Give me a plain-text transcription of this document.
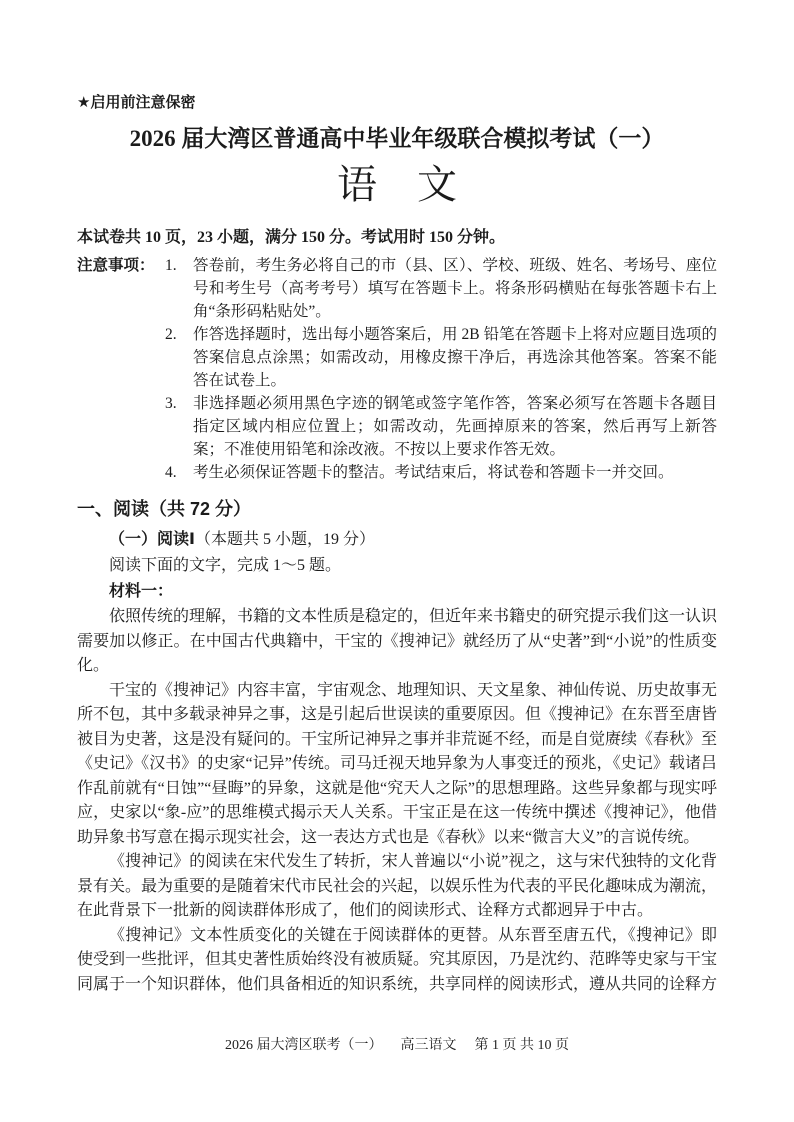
★启用前注意保密
2026 届大湾区普通高中毕业年级联合模拟考试（一）
语　文
本试卷共 10 页，23 小题，满分 150 分。考试用时 150 分钟。
注意事项： 1.	答卷前，考生务必将自己的市（县、区）、学校、班级、姓名、考场号、座位号和考生号（高考考号）填写在答题卡上。将条形码横贴在每张答题卡右上角“条形码粘贴处”。
2.	作答选择题时，选出每小题答案后，用 2B 铅笔在答题卡上将对应题目选项的答案信息点涂黑；如需改动，用橡皮擦干净后，再选涂其他答案。答案不能答在试卷上。
3.	非选择题必须用黑色字迹的钢笔或签字笔作答，答案必须写在答题卡各题目指定区域内相应位置上；如需改动，先画掉原来的答案，然后再写上新答案；不准使用铅笔和涂改液。不按以上要求作答无效。
4.	考生必须保证答题卡的整洁。考试结束后，将试卷和答题卡一并交回。
一、阅读（共 72 分）
（一）阅读Ⅰ（本题共 5 小题，19 分）
阅读下面的文字，完成 1～5 题。
材料一：

依照传统的理解，书籍的文本性质是稳定的，但近年来书籍史的研究提示我们这一认识需要加以修正。在中国古代典籍中，干宝的《搜神记》就经历了从“史著”到“小说”的性质变化。

干宝的《搜神记》内容丰富，宇宙观念、地理知识、天文星象、神仙传说、历史故事无所不包，其中多载录神异之事，这是引起后世误读的重要原因。但《搜神记》在东晋至唐皆被目为史著，这是没有疑问的。干宝所记神异之事并非荒诞不经，而是自觉赓续《春秋》至《史记》《汉书》的史家“记异”传统。司马迁视天地异象为人事变迁的预兆，《史记》载诸吕作乱前就有“日蚀”“昼晦”的异象，这就是他“究天人之际”的思想理路。这些异象都与现实呼应，史家以“象-应”的思维模式揭示天人关系。干宝正是在这一传统中撰述《搜神记》，他借助异象书写意在揭示现实社会，这一表达方式也是《春秋》以来“微言大义”的言说传统。

《搜神记》的阅读在宋代发生了转折，宋人普遍以“小说”视之，这与宋代独特的文化背景有关。最为重要的是随着宋代市民社会的兴起，以娱乐性为代表的平民化趣味成为潮流，在此背景下一批新的阅读群体形成了，他们的阅读形式、诠释方式都迥异于中古。

《搜神记》文本性质变化的关键在于阅读群体的更替。从东晋至唐五代，《搜神记》即使受到一些批评，但其史著性质始终没有被质疑。究其原因，乃是沈约、范晔等史家与干宝同属于一个知识群体，他们具备相近的知识系统，共享同样的阅读形式，遵从共同的诠释方

2026 届大湾区联考（一） 高三语文 第 1 页 共 10 页
